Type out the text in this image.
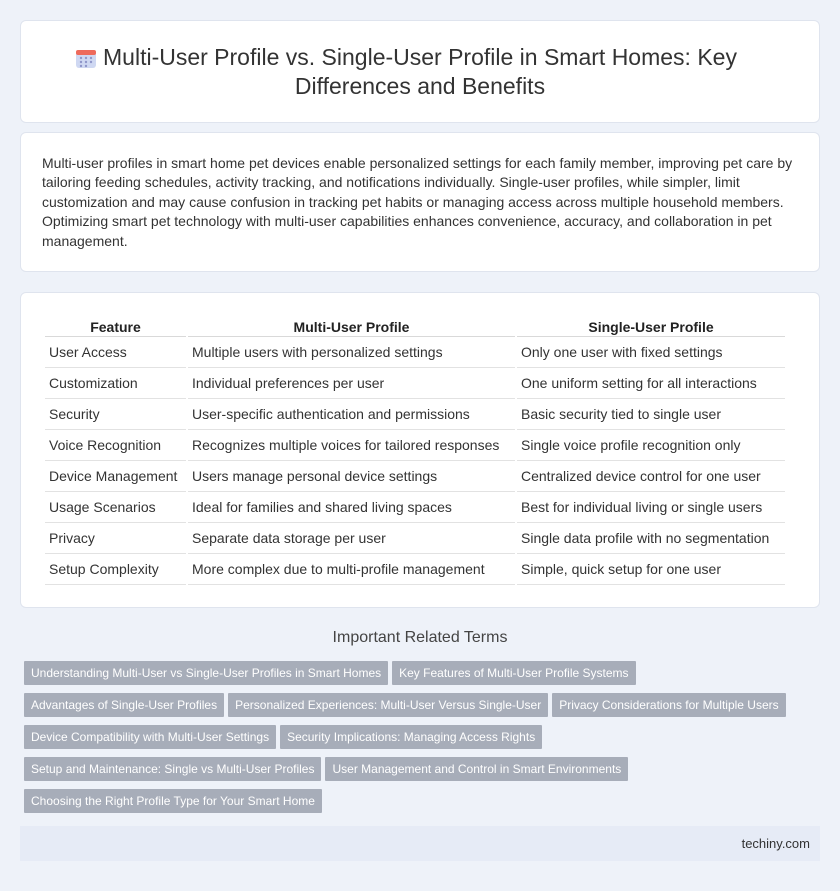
Multi-User Profile vs. Single-User Profile in Smart Homes: Key
Differences and Benefits

Multi-user profiles in smart home pet devices enable personalized settings for each family member, improving pet care by tailoring feeding schedules, activity tracking, and notifications individually. Single-user profiles, while simpler, limit customization and may cause confusion in tracking pet habits or managing access across multiple household members. Optimizing smart pet technology with multi-user capabilities enhances convenience, accuracy, and collaboration in pet management.

Feature	Multi-User Profile	Single-User Profile
User Access	Multiple users with personalized settings	Only one user with fixed settings
Customization	Individual preferences per user	One uniform setting for all interactions
Security	User-specific authentication and permissions	Basic security tied to single user
Voice Recognition	Recognizes multiple voices for tailored responses	Single voice profile recognition only
Device Management	Users manage personal device settings	Centralized device control for one user
Usage Scenarios	Ideal for families and shared living spaces	Best for individual living or single users
Privacy	Separate data storage per user	Single data profile with no segmentation
Setup Complexity	More complex due to multi-profile management	Simple, quick setup for one user
Important Related Terms
Understanding Multi-User vs Single-User Profiles in Smart Homes Key Features of Multi-User Profile Systems
Advantages of Single-User Profiles Personalized Experiences: Multi-User Versus Single-User Privacy Considerations for Multiple Users
Device Compatibility with Multi-User Settings Security Implications: Managing Access Rights
Setup and Maintenance: Single vs Multi-User Profiles User Management and Control in Smart Environments
Choosing the Right Profile Type for Your Smart Home
techiny.com
